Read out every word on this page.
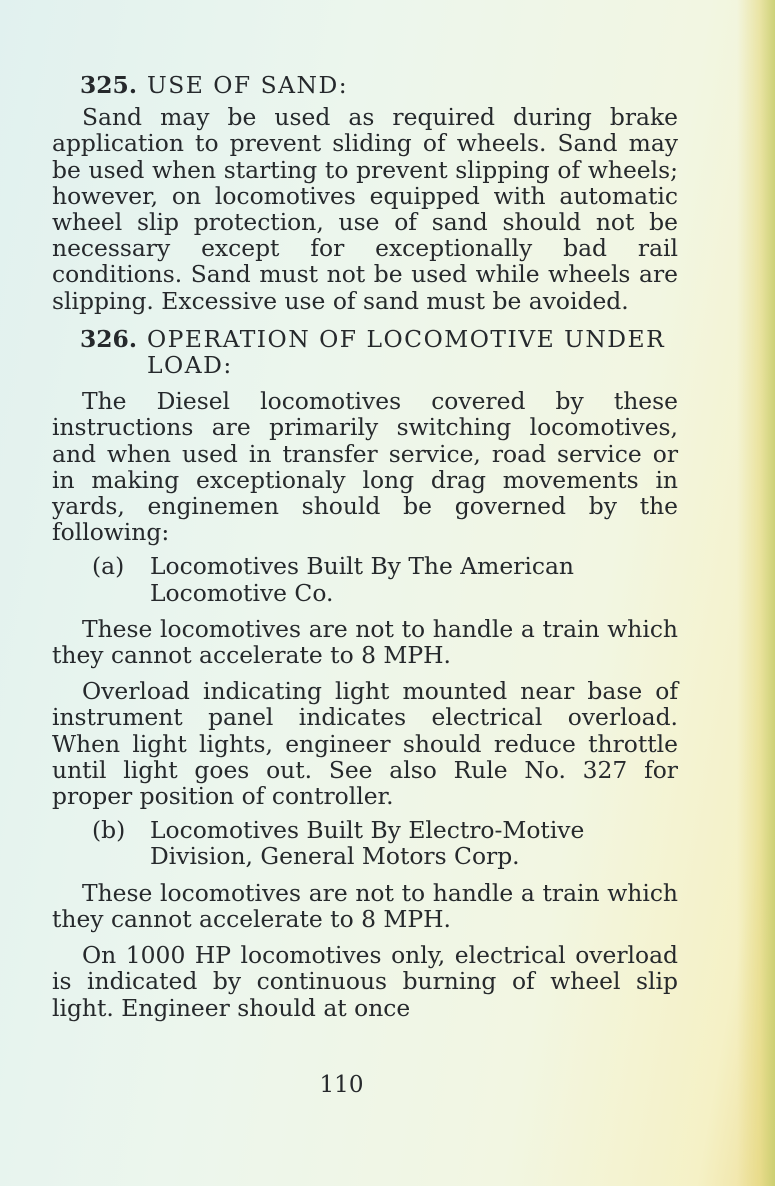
325. USE OF SAND:

Sand may be used as required during brake application to prevent sliding of wheels. Sand may be used when starting to prevent slipping of wheels; however, on locomotives equipped with automatic wheel slip protection, use of sand should not be necessary except for exceptionally bad rail conditions. Sand must not be used while wheels are slipping. Excessive use of sand must be avoided.

326. OPERATION OF LOCOMOTIVE UNDER LOAD:

The Diesel locomotives covered by these instructions are primarily switching locomotives, and when used in transfer service, road service or in making exceptionaly long drag movements in yards, enginemen should be governed by the following:

(a)	Locomotives Built By The American Locomotive Co.

These locomotives are not to handle a train which they cannot accelerate to 8 MPH.

Overload indicating light mounted near base of instrument panel indicates electrical overload. When light lights, engineer should reduce throttle until light goes out. See also Rule No. 327 for proper position of controller.

(b)	Locomotives Built By Electro-Motive Division, General Motors Corp.

These locomotives are not to handle a train which they cannot accelerate to 8 MPH.

On 1000 HP locomotives only, electrical overload is indicated by continuous burning of wheel slip light. Engineer should at once

110
